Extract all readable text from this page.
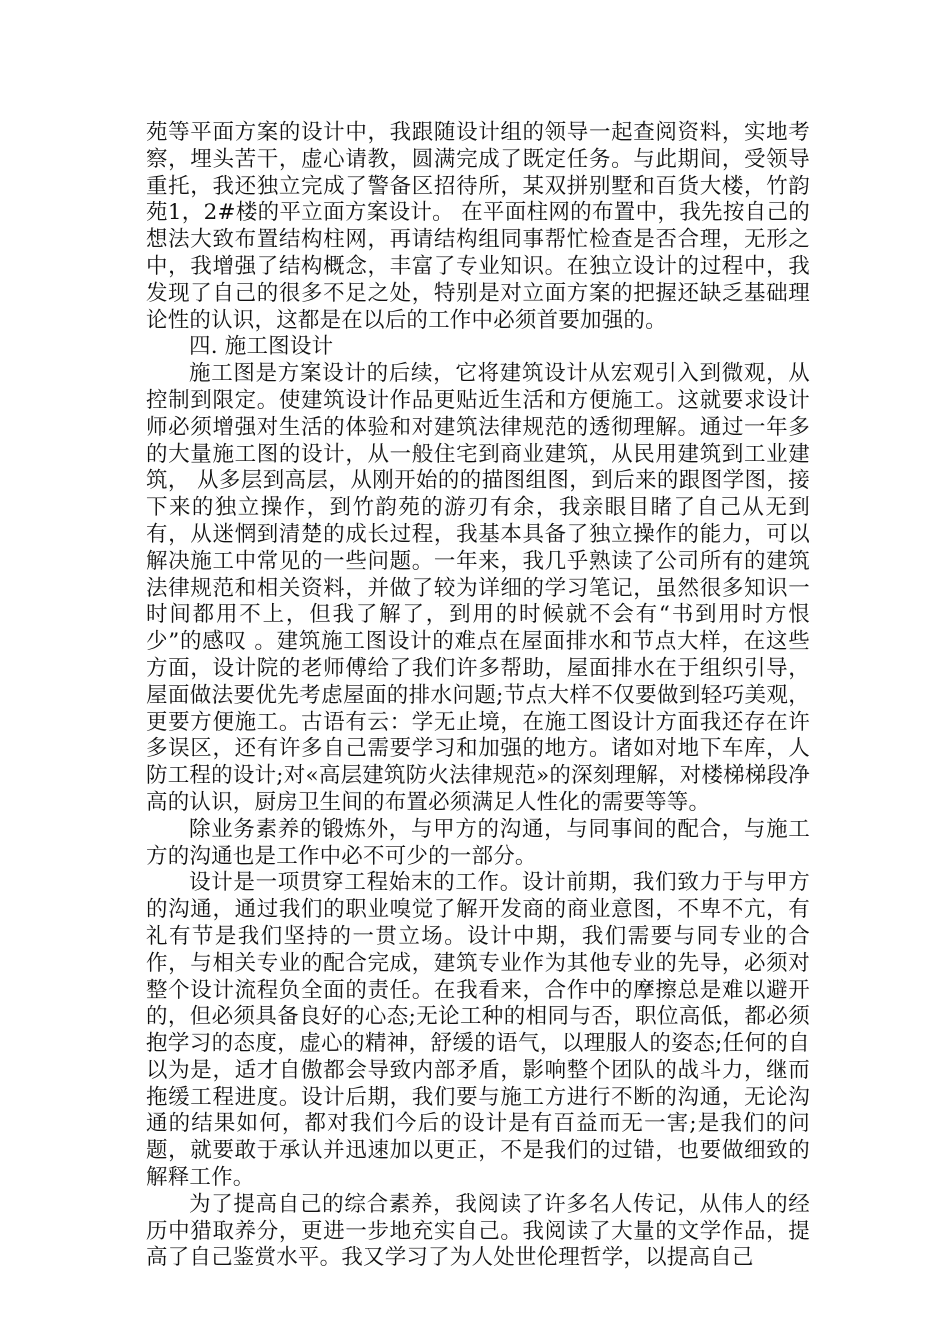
苑等平面方案的设计中，我跟随设计组的领导一起查阅资料，实地考察，埋头苦干，虚心请教，圆满完成了既定任务。与此期间，受领导重托，我还独立完成了警备区招待所，某双拼别墅和百货大楼，竹韵苑1，2#楼的平立面方案设计。 在平面柱网的布置中，我先按自己的想法大致布置结构柱网，再请结构组同事帮忙检查是否合理，无形之中，我增强了结构概念，丰富了专业知识。在独立设计的过程中，我发现了自己的很多不足之处，特别是对立面方案的把握还缺乏基础理论性的认识，这都是在以后的工作中必须首要加强的。

四. 施工图设计

施工图是方案设计的后续，它将建筑设计从宏观引入到微观，从控制到限定。使建筑设计作品更贴近生活和方便施工。这就要求设计师必须增强对生活的体验和对建筑法律规范的透彻理解。通过一年多的大量施工图的设计，从一般住宅到商业建筑，从民用建筑到工业建筑， 从多层到高层，从刚开始的的描图组图，到后来的跟图学图，接下来的独立操作，到竹韵苑的游刃有余，我亲眼目睹了自己从无到有，从迷惘到清楚的成长过程，我基本具备了独立操作的能力，可以解决施工中常见的一些问题。一年来，我几乎熟读了公司所有的建筑法律规范和相关资料，并做了较为详细的学习笔记，虽然很多知识一时间都用不上，但我了解了，到用的时候就不会有“书到用时方恨少”的感叹 。建筑施工图设计的难点在屋面排水和节点大样，在这些方面，设计院的老师傅给了我们许多帮助，屋面排水在于组织引导，屋面做法要优先考虑屋面的排水问题;节点大样不仅要做到轻巧美观，更要方便施工。古语有云：学无止境，在施工图设计方面我还存在许多误区，还有许多自己需要学习和加强的地方。诸如对地下车库，人防工程的设计;对«高层建筑防火法律规范»的深刻理解，对楼梯梯段净高的认识，厨房卫生间的布置必须满足人性化的需要等等。

除业务素养的锻炼外，与甲方的沟通，与同事间的配合，与施工方的沟通也是工作中必不可少的一部分。

设计是一项贯穿工程始末的工作。设计前期，我们致力于与甲方的沟通，通过我们的职业嗅觉了解开发商的商业意图，不卑不亢，有礼有节是我们坚持的一贯立场。设计中期，我们需要与同专业的合作，与相关专业的配合完成，建筑专业作为其他专业的先导，必须对整个设计流程负全面的责任。在我看来，合作中的摩擦总是难以避开的，但必须具备良好的心态;无论工种的相同与否，职位高低，都必须抱学习的态度，虚心的精神，舒缓的语气，以理服人的姿态;任何的自以为是，适才自傲都会导致内部矛盾，影响整个团队的战斗力，继而拖缓工程进度。设计后期，我们要与施工方进行不断的沟通，无论沟通的结果如何，都对我们今后的设计是有百益而无一害;是我们的问题，就要敢于承认并迅速加以更正，不是我们的过错，也要做细致的解释工作。

为了提高自己的综合素养，我阅读了许多名人传记，从伟人的经历中猎取养分，更进一步地充实自己。我阅读了大量的文学作品，提高了自己鉴赏水平。我又学习了为人处世伦理哲学，以提高自己
